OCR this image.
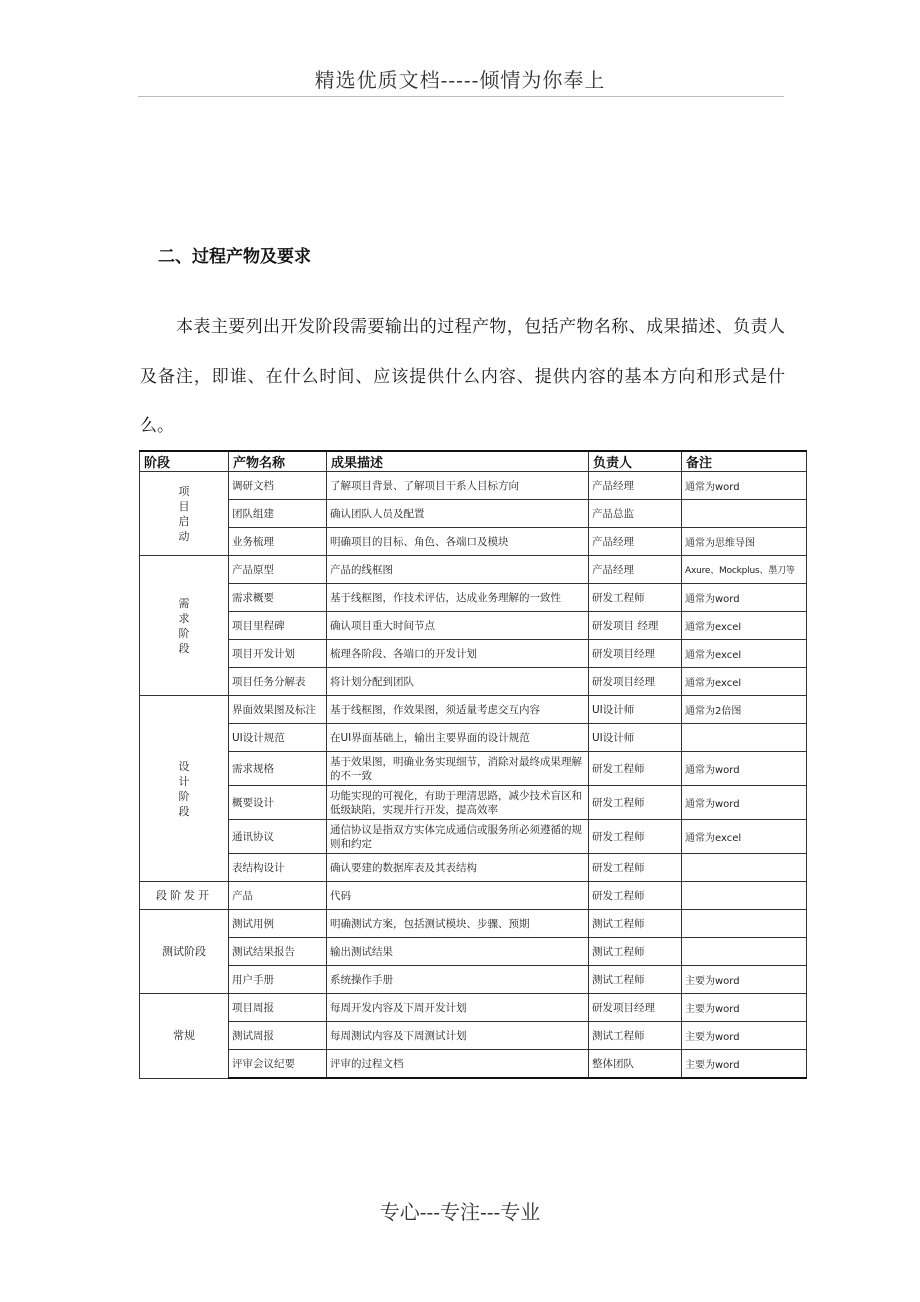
精选优质文档-----倾情为你奉上
二、过程产物及要求
本表主要列出开发阶段需要输出的过程产物，包括产物名称、成果描述、负责人及备注，即谁、在什么时间、应该提供什么内容、提供内容的基本方向和形式是什么。
阶段	产物名称	成果描述	负责人	备注
项目启动	调研文档	了解项目背景、了解项目干系人目标方向	产品经理	通常为word
	团队组建	确认团队人员及配置	产品总监	
	业务梳理	明确项目的目标、角色、各端口及模块	产品经理	通常为思维导图
需求阶段	产品原型	产品的线框图	产品经理	Axure、Mockplus、墨刀等
	需求概要	基于线框图，作技术评估，达成业务理解的一致性	研发工程师	通常为word
	项目里程碑	确认项目重大时间节点	研发项目 经理	通常为excel
	项目开发计划	梳理各阶段、各端口的开发计划	研发项目经理	通常为excel
	项目任务分解表	将计划分配到团队	研发项目经理	通常为excel
设计阶段	界面效果图及标注	基于线框图，作效果图，须适量考虑交互内容	UI设计师	通常为2倍图
	UI设计规范	在UI界面基础上，输出主要界面的设计规范	UI设计师	
	需求规格	基于效果图，明确业务实现细节，消除对最终成果理解的不一致	研发工程师	通常为word
	概要设计	功能实现的可视化，有助于理清思路，减少技术盲区和低级缺陷，实现并行开发，提高效率	研发工程师	通常为word
	通讯协议	通信协议是指双方实体完成通信或服务所必须遵循的规则和约定	研发工程师	通常为excel
	表结构设计	确认要建的数据库表及其表结构	研发工程师	
段阶发开	产品	代码	研发工程师	
测试阶段	测试用例	明确测试方案，包括测试模块、步骤、预期	测试工程师	
	测试结果报告	输出测试结果	测试工程师	
	用户手册	系统操作手册	测试工程师	主要为word
常规	项目周报	每周开发内容及下周开发计划	研发项目经理	主要为word
	测试周报	每周测试内容及下周测试计划	测试工程师	主要为word
	评审会议纪要	评审的过程文档	整体团队	主要为word
专心---专注---专业
